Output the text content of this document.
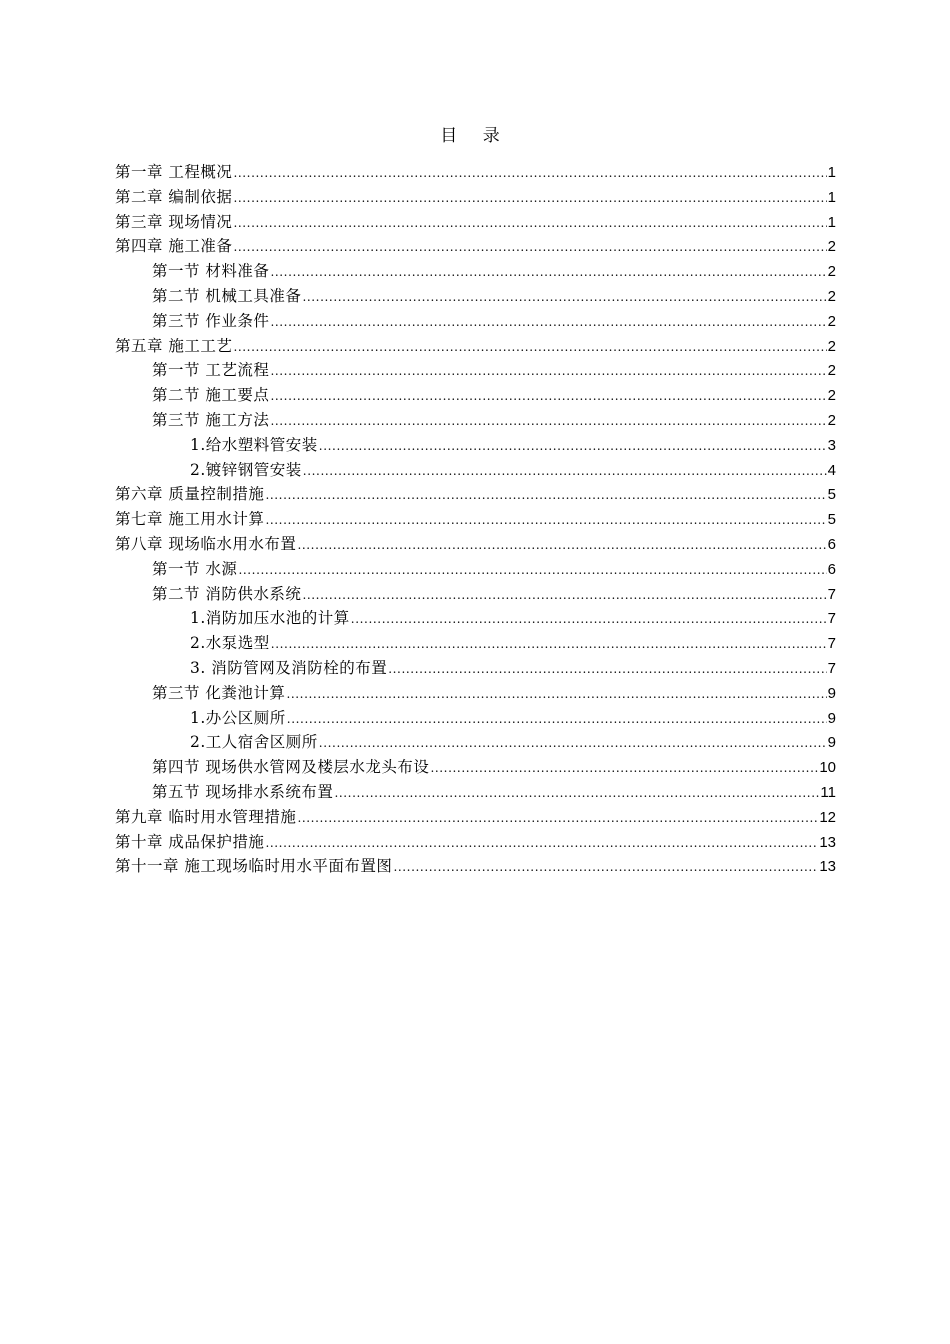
目 录
第一章 工程概况 .....	1
第二章 编制依据 .....	1
第三章 现场情况 .....	1
第四章 施工准备 .....	2
第一节 材料准备 .....	2
第二节 机械工具准备 .....	2
第三节 作业条件 .....	2
第五章 施工工艺 .....	2
第一节 工艺流程 .....	2
第二节 施工要点 .....	2
第三节 施工方法 .....	2
1.给水塑料管安装 .....	3
2.镀锌钢管安装 .....	4
第六章 质量控制措施 .....	5
第七章 施工用水计算 .....	5
第八章 现场临水用水布置 .....	6
第一节 水源 .....	6
第二节 消防供水系统 .....	7
1.消防加压水池的计算 .....	7
2.水泵选型 .....	7
3. 消防管网及消防栓的布置 .....	7
第三节 化粪池计算 .....	9
1.办公区厕所 .....	9
2.工人宿舍区厕所 .....	9
第四节 现场供水管网及楼层水龙头布设 .....	10
第五节 现场排水系统布置 .....	11
第九章 临时用水管理措施 .....	12
第十章 成品保护措施 .....	13
第十一章 施工现场临时用水平面布置图 .....	13
